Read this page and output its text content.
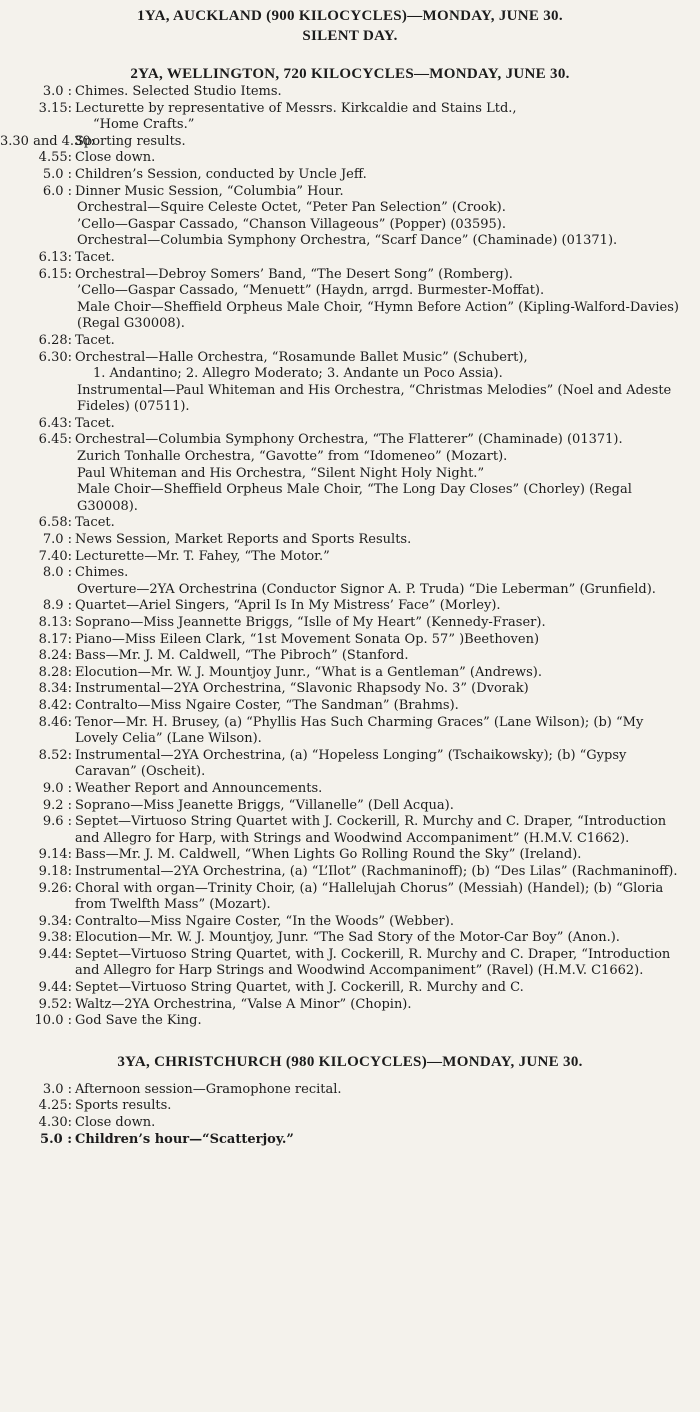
1YA, AUCKLAND (900 KILOCYCLES)—MONDAY, JUNE 30.
SILENT DAY.
2YA, WELLINGTON, 720 KILOCYCLES—MONDAY, JUNE 30.
3.0 : Chimes. Selected Studio Items.
3.15: Lecturette by representative of Messrs. Kirkcaldie and Stains Ltd.,
“Home Crafts.”
3.30 and 4.30:
Sporting results.
4.55: Close down.
5.0 : Children’s Session, conducted by Uncle Jeff.
6.0 : Dinner Music Session, “Columbia” Hour.
Orchestral—Squire Celeste Octet, “Peter Pan Selection” (Crook).
’Cello—Gaspar Cassado, “Chanson Villageous” (Popper) (03595).
Orchestral—Columbia Symphony Orchestra, “Scarf Dance” (Chaminade) (01371).
6.13: Tacet.
6.15: Orchestral—Debroy Somers’ Band, “The Desert Song” (Romberg).
’Cello—Gaspar Cassado, “Menuett” (Haydn, arrgd. Burmester-Moffat).
Male Choir—Sheffield Orpheus Male Choir, “Hymn Before Action” (Kipling-Walford-Davies) (Regal G30008).
6.28: Tacet.
6.30: Orchestral—Halle Orchestra, “Rosamunde Ballet Music” (Schubert),
1. Andantino; 2. Allegro Moderato; 3. Andante un Poco Assia).
Instrumental—Paul Whiteman and His Orchestra, “Christmas Melodies” (Noel and Adeste Fideles) (07511).
6.43: Tacet.
6.45: Orchestral—Columbia Symphony Orchestra, “The Flatterer” (Chaminade) (01371).
Zurich Tonhalle Orchestra, “Gavotte” from “Idomeneo” (Mozart).
Paul Whiteman and His Orchestra, “Silent Night Holy Night.”
Male Choir—Sheffield Orpheus Male Choir, “The Long Day Closes” (Chorley) (Regal G30008).
6.58: Tacet.
7.0 : News Session, Market Reports and Sports Results.
7.40: Lecturette—Mr. T. Fahey, “The Motor.”
8.0 : Chimes.
Overture—2YA Orchestrina (Conductor Signor A. P. Truda) “Die Leberman” (Grunfield).
8.9 : Quartet—Ariel Singers, “April Is In My Mistress’ Face” (Morley).
8.13: Soprano—Miss Jeannette Briggs, “Islle of My Heart” (Kennedy-Fraser).
8.17: Piano—Miss Eileen Clark, “1st Movement Sonata Op. 57” )Beethoven)
8.24: Bass—Mr. J. M. Caldwell, “The Pibroch” (Stanford.
8.28: Elocution—Mr. W. J. Mountjoy Junr., “What is a Gentleman” (Andrews).
8.34: Instrumental—2YA Orchestrina, “Slavonic Rhapsody No. 3” (Dvorak)
8.42: Contralto—Miss Ngaire Coster, “The Sandman” (Brahms).
8.46: Tenor—Mr. H. Brusey, (a) “Phyllis Has Such Charming Graces” (Lane Wilson); (b) “My Lovely Celia” (Lane Wilson).
8.52: Instrumental—2YA Orchestrina, (a) “Hopeless Longing” (Tschaikowsky); (b) “Gypsy Caravan” (Oscheit).
9.0 : Weather Report and Announcements.
9.2 : Soprano—Miss Jeanette Briggs, “Villanelle” (Dell Acqua).
9.6 : Septet—Virtuoso String Quartet with J. Cockerill, R. Murchy and C. Draper, “Introduction and Allegro for Harp, with Strings and Woodwind Accompaniment” (H.M.V. C1662).
9.14: Bass—Mr. J. M. Caldwell, “When Lights Go Rolling Round the Sky” (Ireland).
9.18: Instrumental—2YA Orchestrina, (a) “L’Ilot” (Rachmaninoff); (b) “Des Lilas” (Rachmaninoff).
9.26: Choral with organ—Trinity Choir, (a) “Hallelujah Chorus” (Messiah) (Handel); (b) “Gloria from Twelfth Mass” (Mozart).
9.34: Contralto—Miss Ngaire Coster, “In the Woods” (Webber).
9.38: Elocution—Mr. W. J. Mountjoy, Junr. “The Sad Story of the Motor-Car Boy” (Anon.).
9.44: Septet—Virtuoso String Quartet, with J. Cockerill, R. Murchy and C. Draper, “Introduction and Allegro for Harp Strings and Woodwind Accompaniment” (Ravel) (H.M.V. C1662).
9.44: Septet—Virtuoso String Quartet, with J. Cockerill, R. Murchy and C.
9.52: Waltz—2YA Orchestrina, “Valse A Minor” (Chopin).
10.0 : God Save the King.
3YA, CHRISTCHURCH (980 KILOCYCLES)—MONDAY, JUNE 30.
3.0 : Afternoon session—Gramophone recital.
4.25: Sports results.
4.30: Close down.
5.0 : Children’s hour—“Scatterjoy.”
